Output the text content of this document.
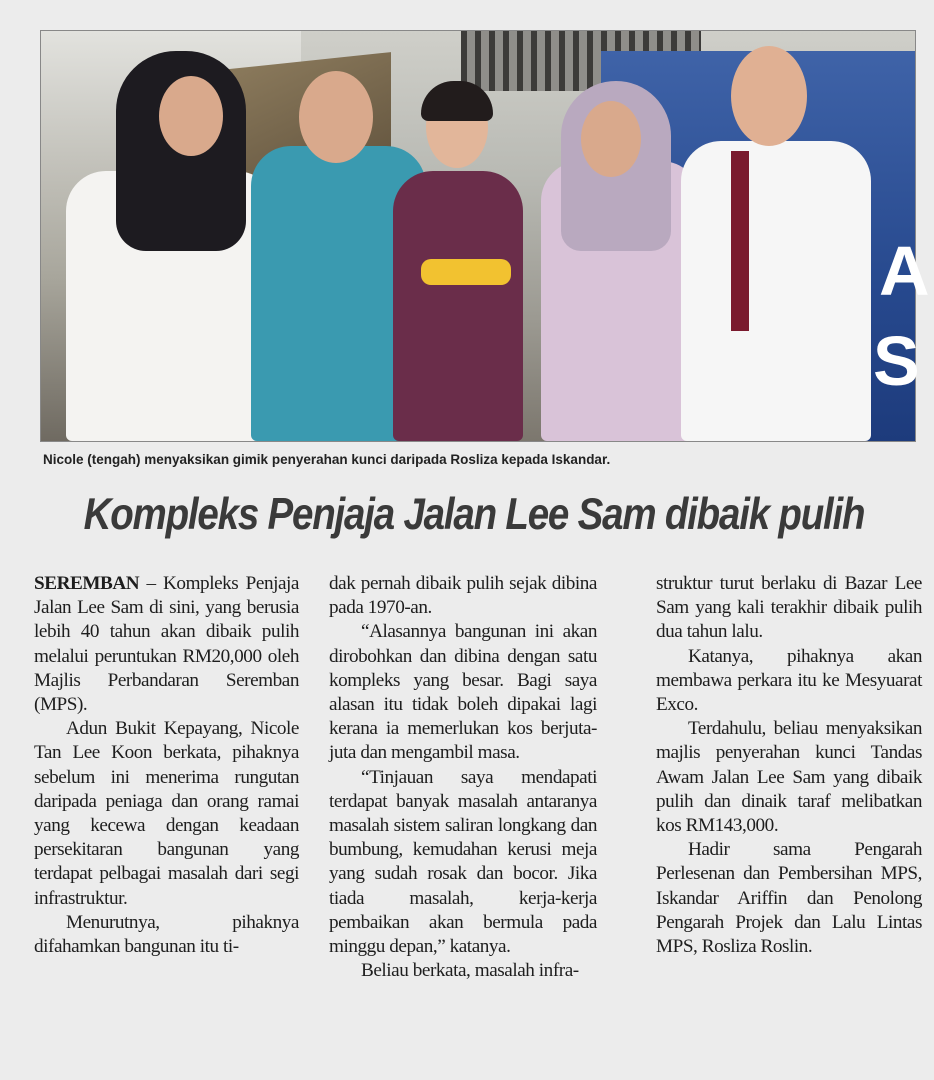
A
S
Nicole (tengah) menyaksikan gimik penyerahan kunci daripada Rosliza kepada Iskandar.
Kompleks Penjaja Jalan Lee Sam dibaik pulih

SEREMBAN – Kompleks Penjaja Jalan Lee Sam di sini, yang berusia lebih 40 tahun akan dibaik pulih melalui peruntukan RM20,000 oleh Majlis Perbandaran Seremban (MPS).

Adun Bukit Kepayang, Nicole Tan Lee Koon berkata, pihaknya sebelum ini menerima rungutan daripada peniaga dan orang ramai yang kecewa dengan keadaan persekitaran bangunan yang terdapat pelbagai masalah dari segi infrastruktur.

Menurutnya, pihaknya difahamkan bangunan itu ti-

dak pernah dibaik pulih sejak dibina pada 1970-an.

“Alasannya bangunan ini akan dirobohkan dan dibina dengan satu kompleks yang besar. Bagi saya alasan itu tidak boleh dipakai lagi kerana ia memerlukan kos berjuta-juta dan mengambil masa.

“Tinjauan saya mendapati terdapat banyak masalah antaranya masalah sistem saliran longkang dan bumbung, kemudahan kerusi meja yang sudah rosak dan bocor. Jika tiada masalah, kerja-kerja pembaikan akan bermula pada minggu depan,” katanya.

Beliau berkata, masalah infra-

struktur turut berlaku di Bazar Lee Sam yang kali terakhir dibaik pulih dua tahun lalu.

Katanya, pihaknya akan membawa perkara itu ke Mesyuarat Exco.

Terdahulu, beliau menyaksikan majlis penyerahan kunci Tandas Awam Jalan Lee Sam yang dibaik pulih dan dinaik taraf melibatkan kos RM143,000.

Hadir sama Pengarah Perlesenan dan Pembersihan MPS, Iskandar Ariffin dan Penolong Pengarah Projek dan Lalu Lintas MPS, Rosliza Roslin.
